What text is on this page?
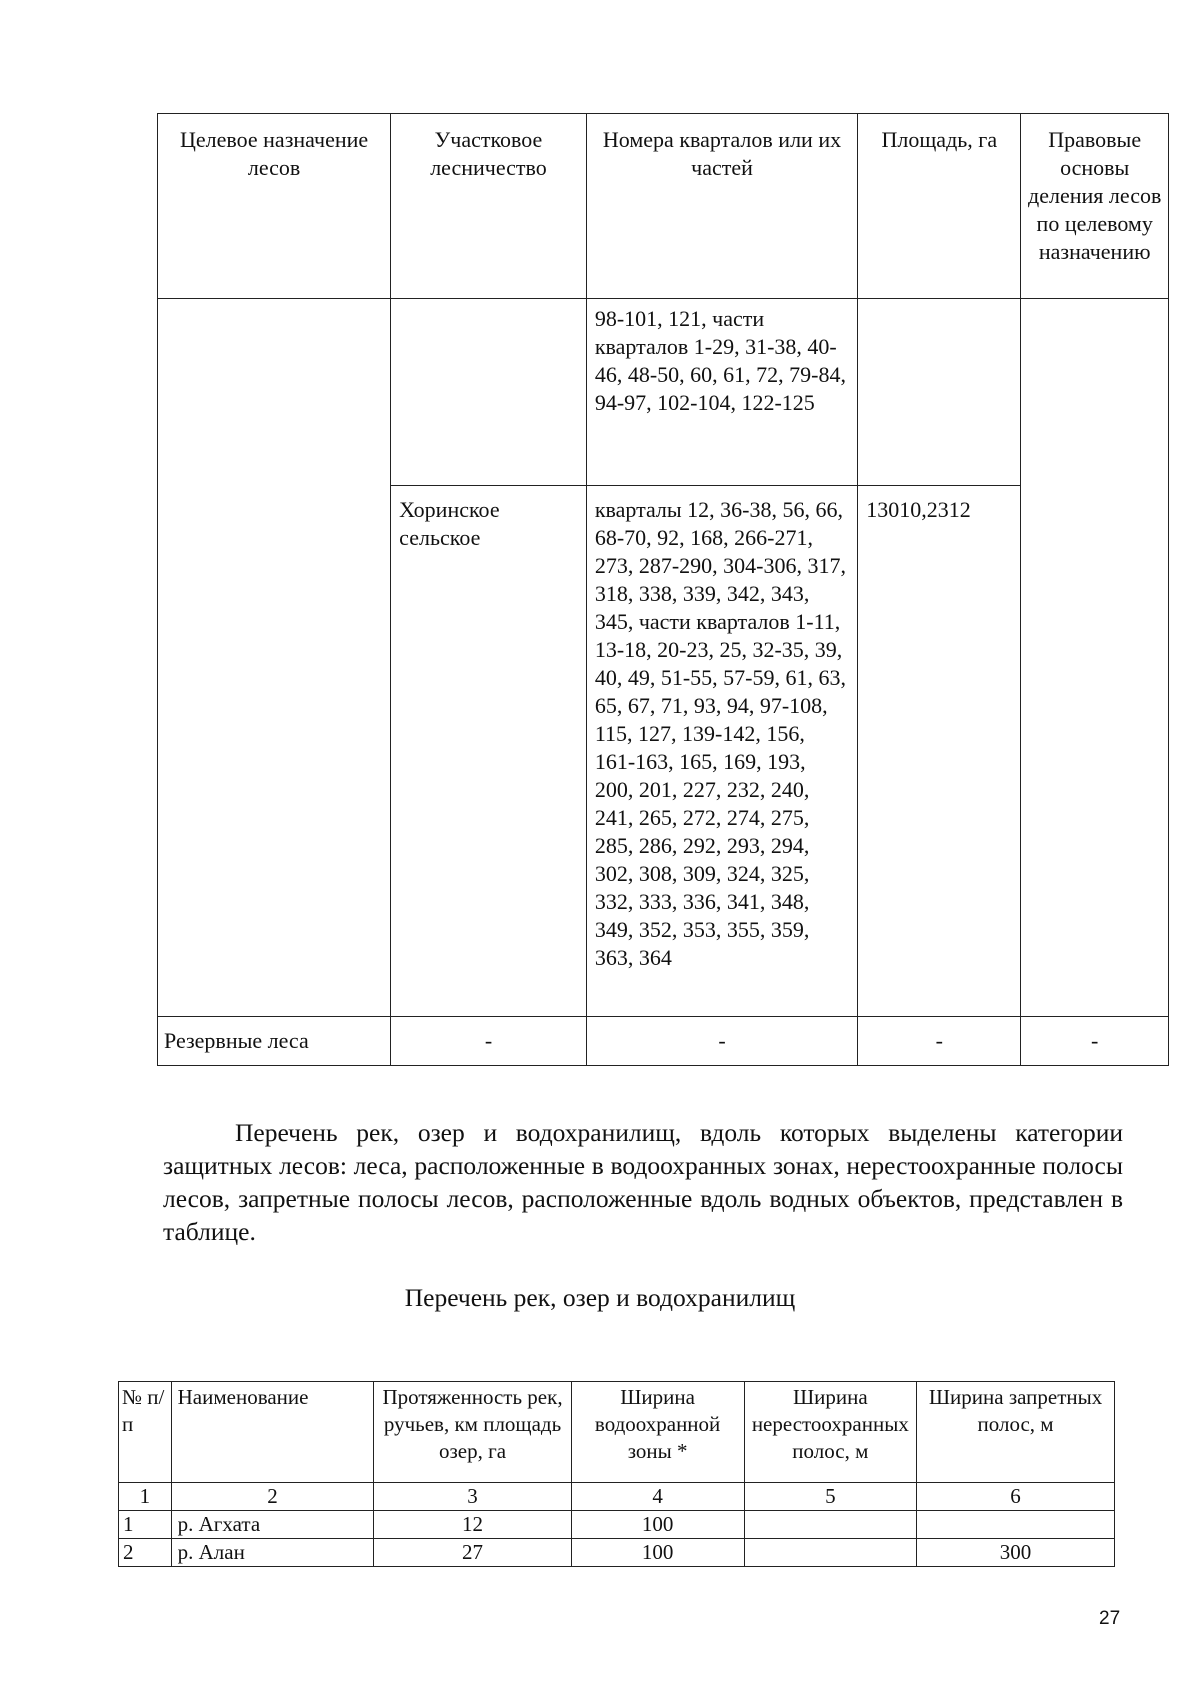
Целевое назначение лесов	Участковое лесничество	Номера кварталов или их частей	Площадь, га	Правовые основы деления лесов по целевому назначению
		98-101, 121, части кварталов 1-29, 31-38, 40-46, 48-50, 60, 61, 72, 79-84, 94-97, 102-104, 122-125		
	Хоринское сельское	кварталы 12, 36-38, 56, 66, 68-70, 92, 168, 266-271, 273, 287-290, 304-306, 317, 318, 338, 339, 342, 343, 345, части кварталов 1-11, 13-18, 20-23, 25, 32-35, 39, 40, 49, 51-55, 57-59, 61, 63, 65, 67, 71, 93, 94, 97-108, 115, 127, 139-142, 156, 161-163, 165, 169, 193, 200, 201, 227, 232, 240, 241, 265, 272, 274, 275, 285, 286, 292, 293, 294, 302, 308, 309, 324, 325, 332, 333, 336, 341, 348, 349, 352, 353, 355, 359, 363, 364	13010,2312	
Резервные леса	-	-	-	-

Перечень рек, озер и водохранилищ, вдоль которых выделены категории защитных лесов: леса, расположенные в водоохранных зонах, нерестоохранные полосы лесов, запретные полосы лесов, расположенные вдоль водных объектов, представлен в таблице.

Перечень рек, озер и водохранилищ
№ п/п	Наименование	Протяженность рек, ручьев, км площадь озер, га	Ширина водоохранной зоны *	Ширина нерестоохранных полос, м	Ширина запретных полос, м
1	2	3	4	5	6
1	р. Агхата	12	100		
2	р. Алан	27	100		300
27
